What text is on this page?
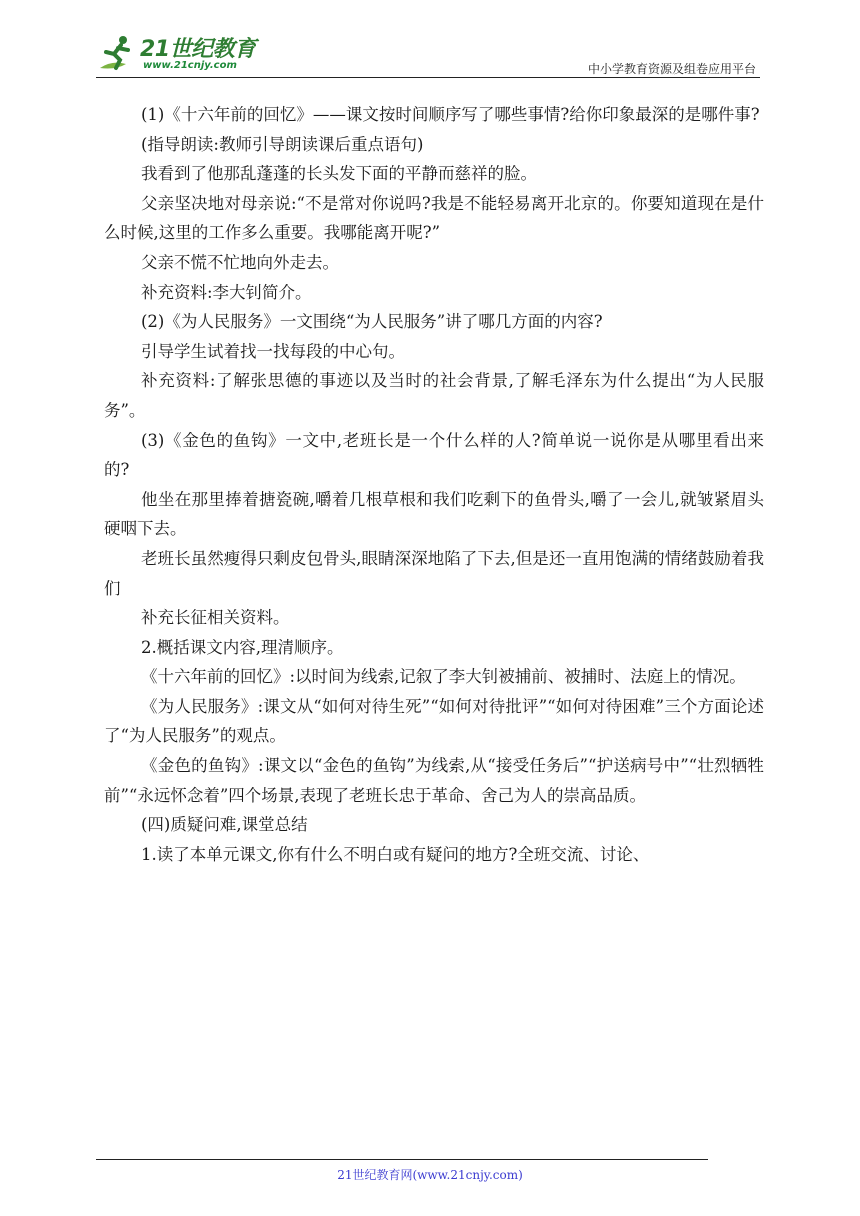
21世纪教育
www.21cnjy.com	中小学教育资源及组卷应用平台
(1)《十六年前的回忆》——课文按时间顺序写了哪些事情?给你印象最深的是哪件事?
(指导朗读:教师引导朗读课后重点语句)
我看到了他那乱蓬蓬的长头发下面的平静而慈祥的脸。
父亲坚决地对母亲说:“不是常对你说吗?我是不能轻易离开北京的。你要知道现在是什么时候,这里的工作多么重要。我哪能离开呢?”
父亲不慌不忙地向外走去。
补充资料:李大钊简介。
(2)《为人民服务》一文围绕“为人民服务”讲了哪几方面的内容?
引导学生试着找一找每段的中心句。
补充资料:了解张思德的事迹以及当时的社会背景,了解毛泽东为什么提出“为人民服务”。
(3)《金色的鱼钩》一文中,老班长是一个什么样的人?简单说一说你是从哪里看出来的?
他坐在那里捧着搪瓷碗,嚼着几根草根和我们吃剩下的鱼骨头,嚼了一会儿,就皱紧眉头硬咽下去。
老班长虽然瘦得只剩皮包骨头,眼睛深深地陷了下去,但是还一直用饱满的情绪鼓励着我们
补充长征相关资料。
2.概括课文内容,理清顺序。
《十六年前的回忆》:以时间为线索,记叙了李大钊被捕前、被捕时、法庭上的情况。
《为人民服务》:课文从“如何对待生死”“如何对待批评”“如何对待困难”三个方面论述了“为人民服务”的观点。
《金色的鱼钩》:课文以“金色的鱼钩”为线索,从“接受任务后”“护送病号中”“壮烈牺牲前”“永远怀念着”四个场景,表现了老班长忠于革命、舍己为人的崇高品质。
(四)质疑问难,课堂总结
1.读了本单元课文,你有什么不明白或有疑问的地方?全班交流、讨论、
21世纪教育网(www.21cnjy.com)
